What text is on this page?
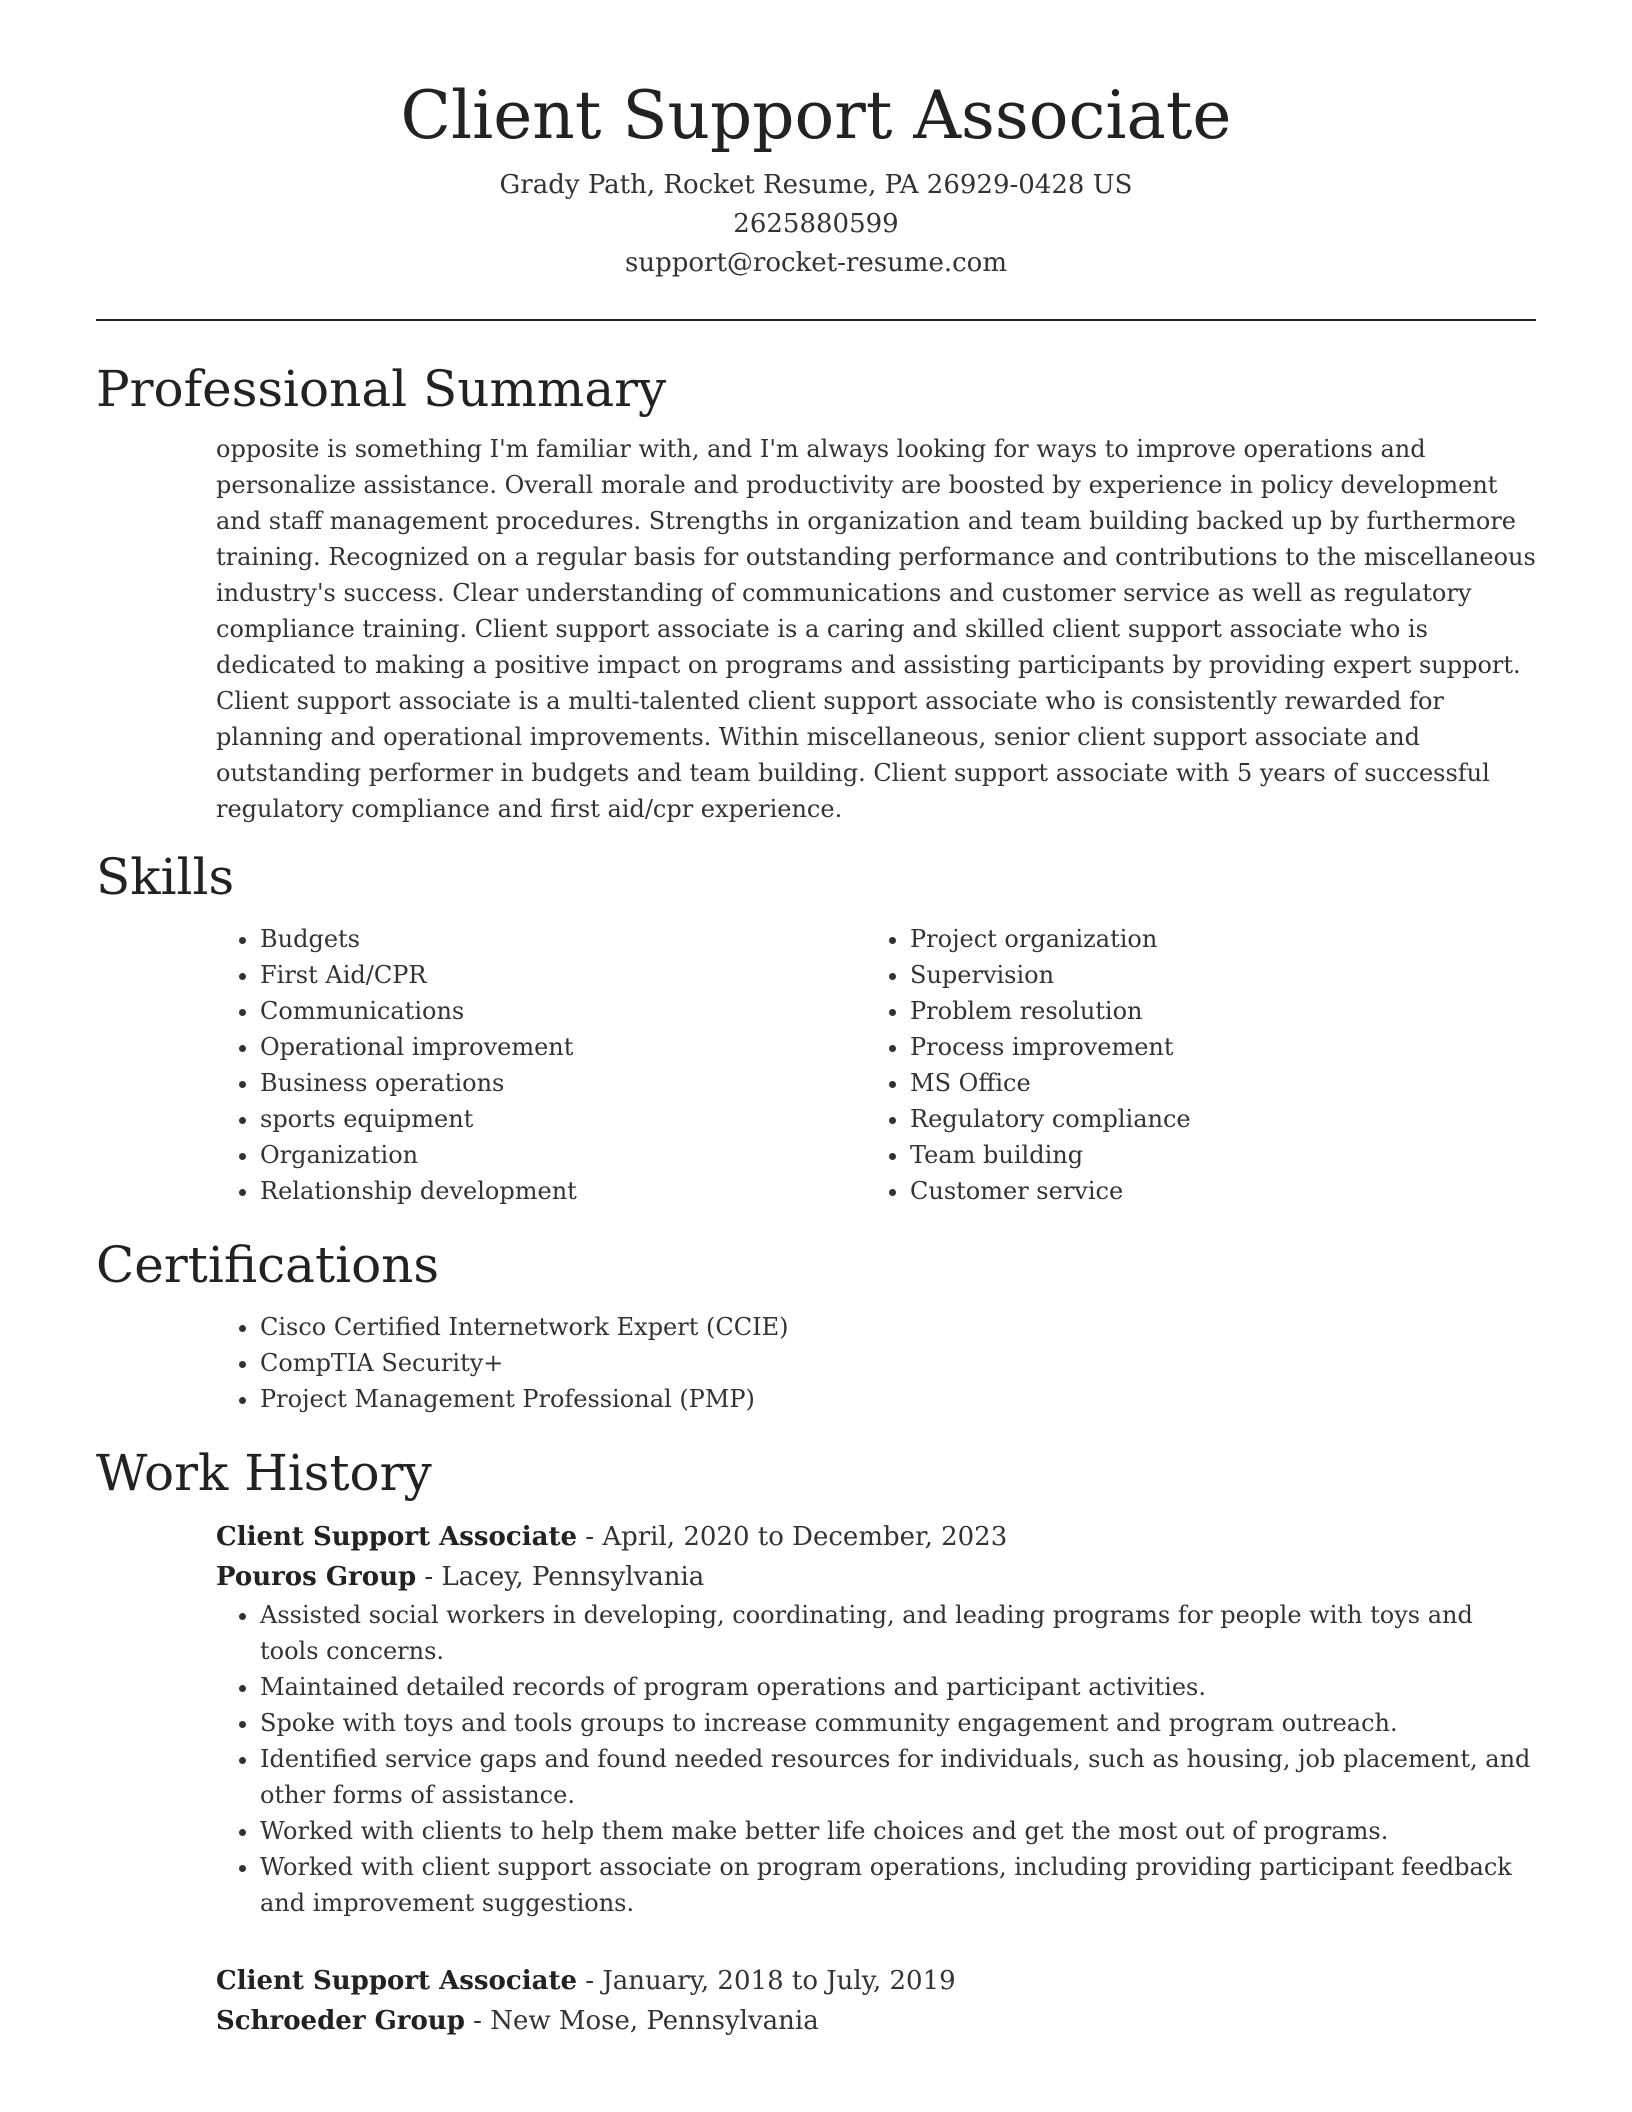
Client Support Associate
Grady Path, Rocket Resume, PA 26929-0428 US
2625880599
support@rocket-resume.com
Professional Summary
opposite is something I'm familiar with, and I'm always looking for ways to improve operations and personalize assistance. Overall morale and productivity are boosted by experience in policy development and staff management procedures. Strengths in organization and team building backed up by furthermore training. Recognized on a regular basis for outstanding performance and contributions to the miscellaneous industry's success. Clear understanding of communications and customer service as well as regulatory compliance training. Client support associate is a caring and skilled client support associate who is dedicated to making a positive impact on programs and assisting participants by providing expert support. Client support associate is a multi-talented client support associate who is consistently rewarded for planning and operational improvements. Within miscellaneous, senior client support associate and outstanding performer in budgets and team building. Client support associate with 5 years of successful regulatory compliance and first aid/cpr experience.
Skills
• Budgets
• First Aid/CPR
• Communications
• Operational improvement
• Business operations
• sports equipment
• Organization
• Relationship development
• Project organization
• Supervision
• Problem resolution
• Process improvement
• MS Office
• Regulatory compliance
• Team building
• Customer service
Certifications
• Cisco Certified Internetwork Expert (CCIE)
• CompTIA Security+
• Project Management Professional (PMP)
Work History
Client Support Associate - April, 2020 to December, 2023
Pouros Group - Lacey, Pennsylvania
• Assisted social workers in developing, coordinating, and leading programs for people with toys and tools concerns.
• Maintained detailed records of program operations and participant activities.
• Spoke with toys and tools groups to increase community engagement and program outreach.
• Identified service gaps and found needed resources for individuals, such as housing, job placement, and other forms of assistance.
• Worked with clients to help them make better life choices and get the most out of programs.
• Worked with client support associate on program operations, including providing participant feedback and improvement suggestions.
Client Support Associate - January, 2018 to July, 2019
Schroeder Group - New Mose, Pennsylvania
